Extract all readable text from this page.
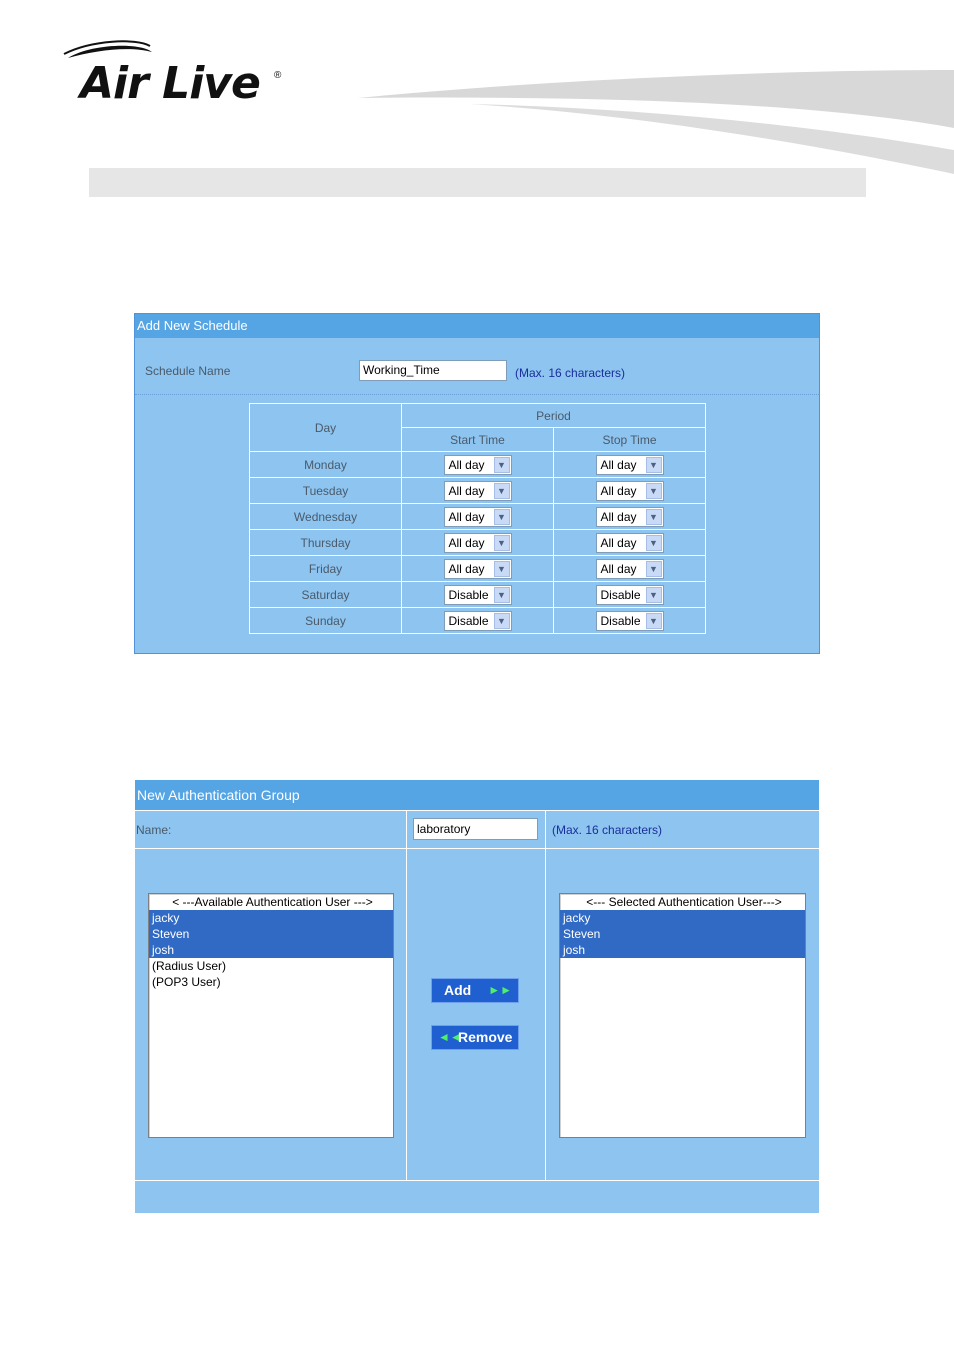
Air Live ®
Add New Schedule
Schedule Name	Working_Time	(Max. 16 characters)
Day	Period	
	Start Time	Stop Time
Monday	All day ▼	All day ▼

Tuesday	All day ▼	All day ▼

Wednesday	All day ▼	All day ▼

Thursday	All day ▼	All day ▼

Friday	All day ▼	All day ▼

Saturday	Disable ▼	Disable ▼

Sunday	Disable ▼	Disable ▼
New Authentication Group
Name:	laboratory	(Max. 16 characters)
< ---Available Authentication User --->
jacky
Steven
josh
(Radius User)
(POP3 User)	Add ►►
◄◄
Remove
<--- Selected Authentication User--->
jacky
Steven
josh
